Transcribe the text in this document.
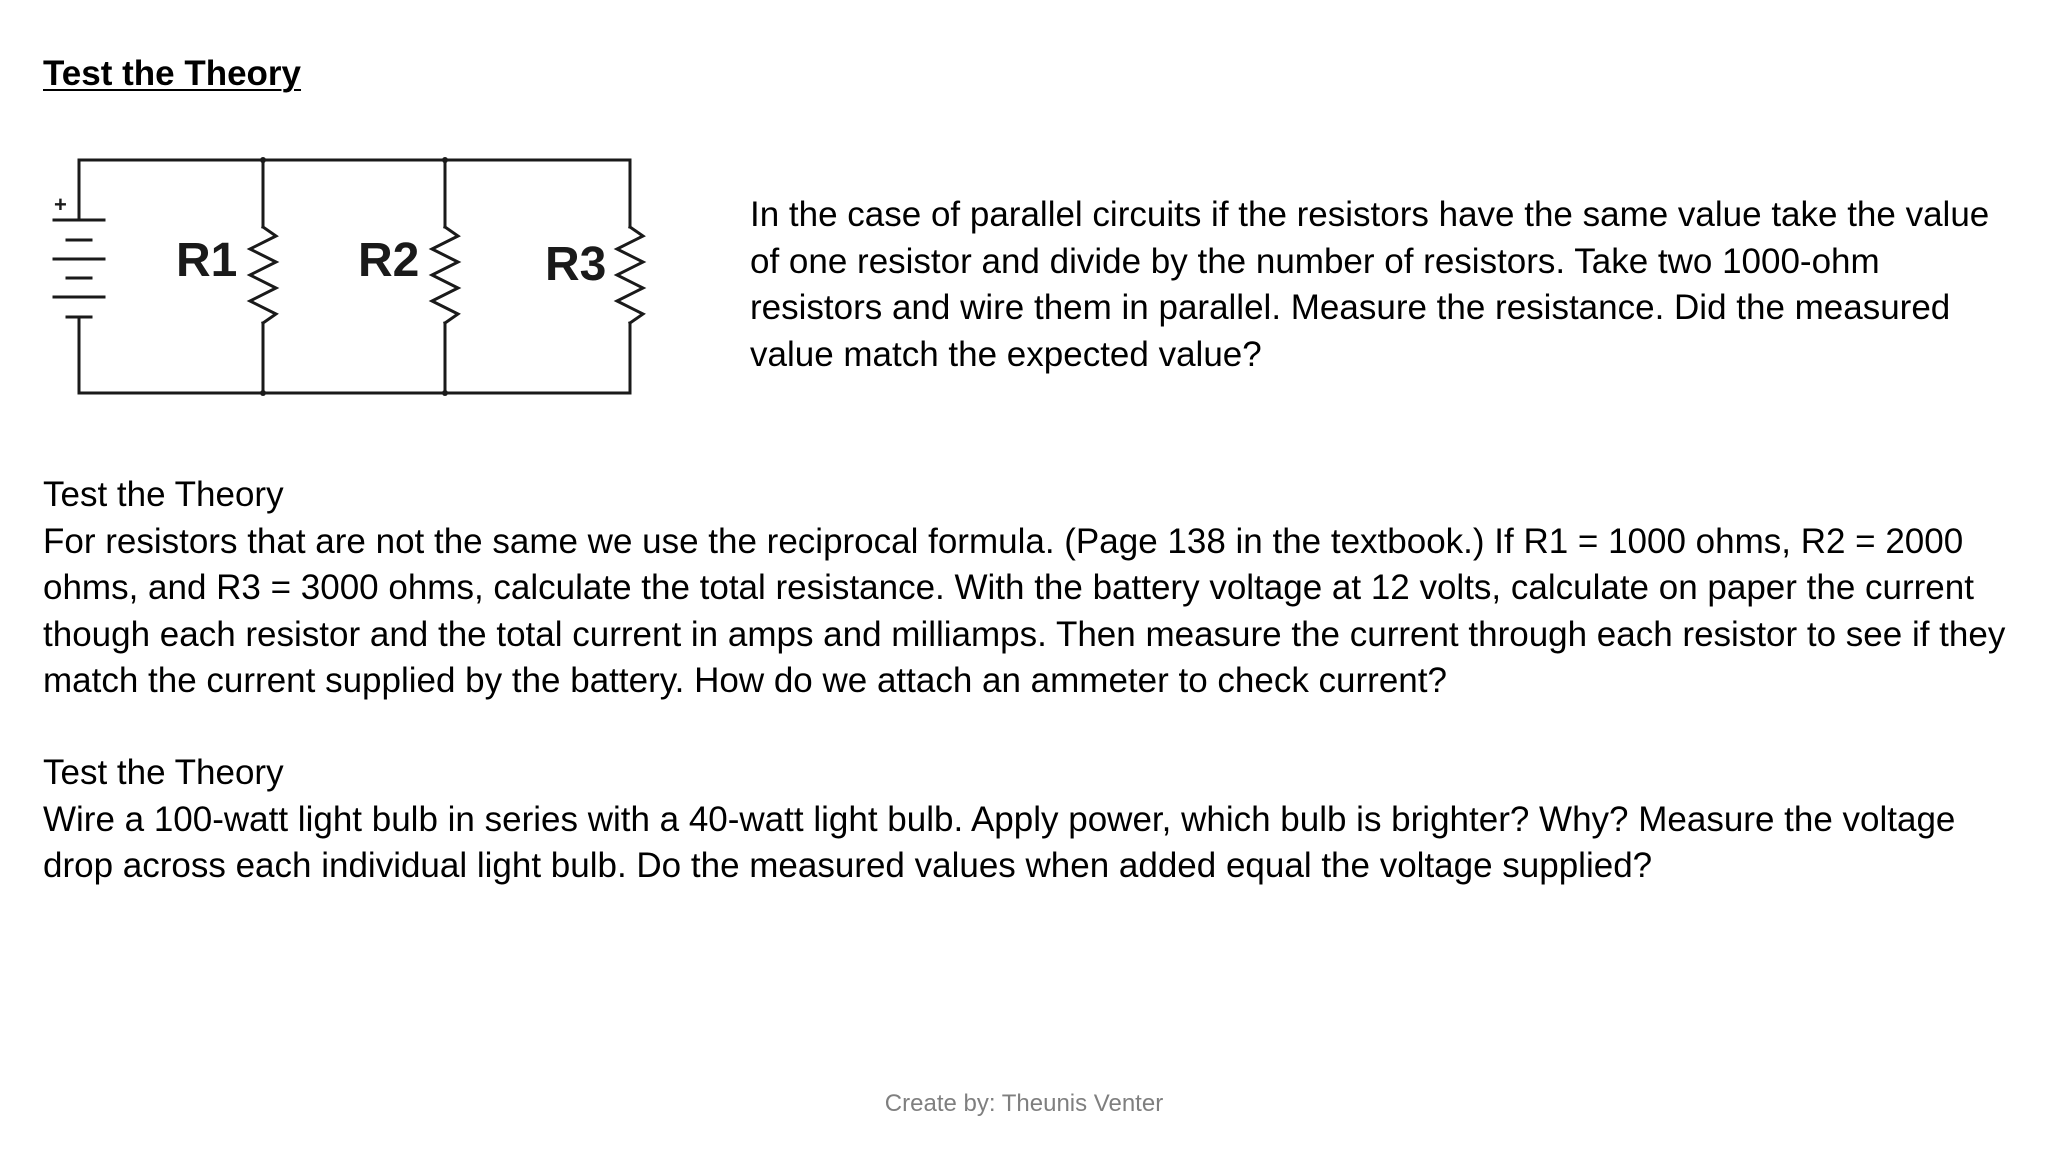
Test the Theory
+
R1	R2	R3
In the case of parallel circuits if the resistors have the same value take the value of one resistor and divide by the number of resistors. Take two 1000-ohm resistors and wire them in parallel. Measure the resistance. Did the measured value match the expected value?

Test the Theory

For resistors that are not the same we use the reciprocal formula. (Page 138 in the textbook.) If R1 = 1000 ohms, R2 = 2000 ohms, and R3 = 3000 ohms, calculate the total resistance. With the battery voltage at 12 volts, calculate on paper the current though each resistor and the total current in amps and milliamps. Then measure the current through each resistor to see if they match the current supplied by the battery. How do we attach an ammeter to check current?

Test the Theory

Wire a 100-watt light bulb in series with a 40-watt light bulb. Apply power, which bulb is brighter? Why? Measure the voltage drop across each individual light bulb. Do the measured values when added equal the voltage supplied?

Create by: Theunis Venter
